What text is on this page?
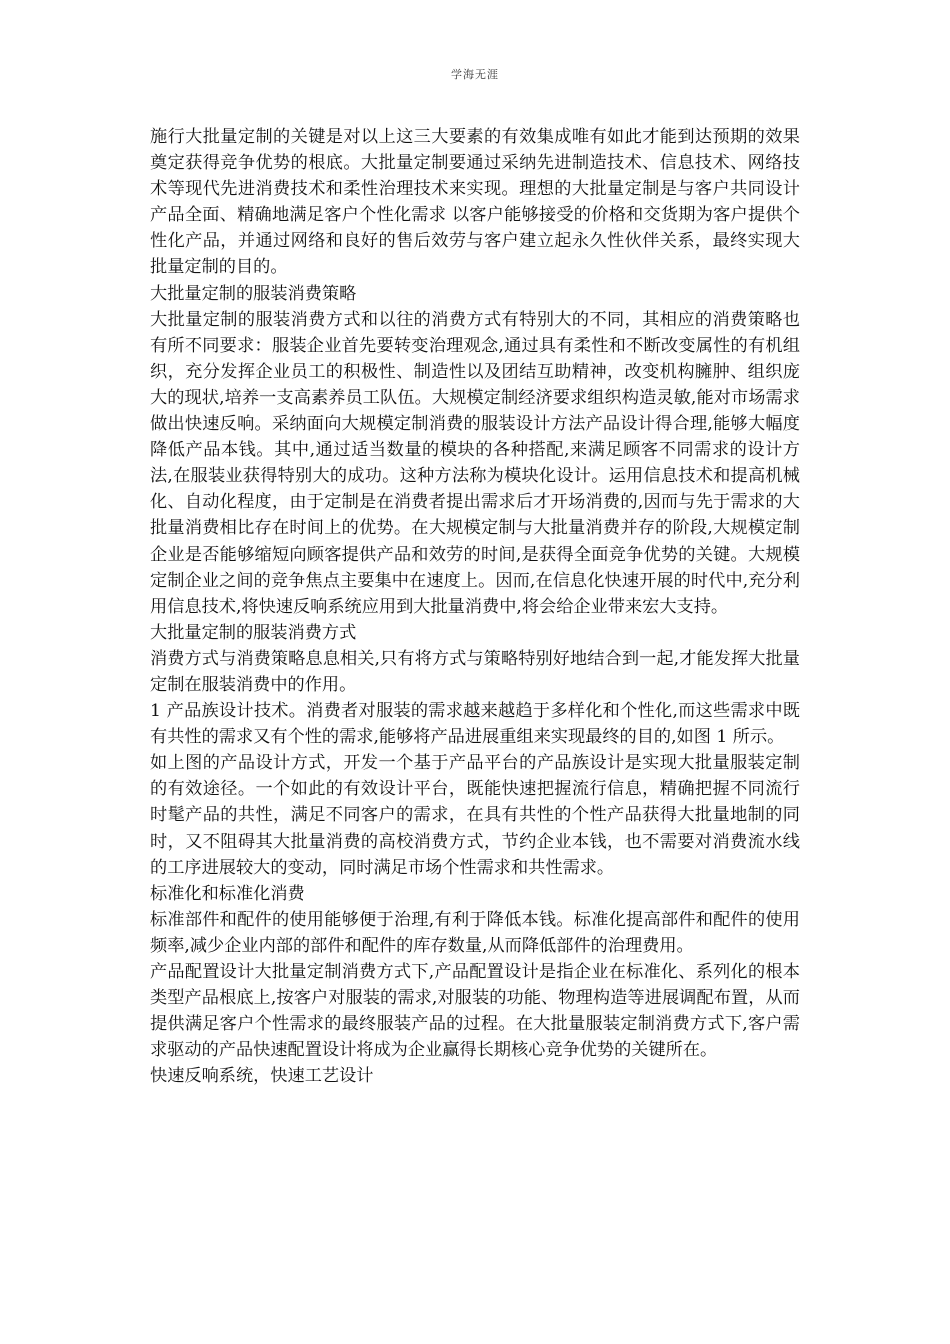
学海无涯

施行大批量定制的关键是对以上这三大要素的有效集成唯有如此才能到达预期的效果奠定获得竞争优势的根底。大批量定制要通过采纳先进制造技术、信息技术、网络技术等现代先进消费技术和柔性治理技术来实现。理想的大批量定制是与客户共同设计产品全面、精确地满足客户个性化需求 以客户能够接受的价格和交货期为客户提供个性化产品，并通过网络和良好的售后效劳与客户建立起永久性伙伴关系，最终实现大批量定制的目的。

大批量定制的服装消费策略

大批量定制的服装消费方式和以往的消费方式有特别大的不同，其相应的消费策略也有所不同要求：服装企业首先要转变治理观念,通过具有柔性和不断改变属性的有机组织，充分发挥企业员工的积极性、制造性以及团结互助精神，改变机构臃肿、组织庞大的现状,培养一支高素养员工队伍。大规模定制经济要求组织构造灵敏,能对市场需求做出快速反响。采纳面向大规模定制消费的服装设计方法产品设计得合理,能够大幅度降低产品本钱。其中,通过适当数量的模块的各种搭配,来满足顾客不同需求的设计方法,在服装业获得特别大的成功。这种方法称为模块化设计。运用信息技术和提高机械化、自动化程度，由于定制是在消费者提出需求后才开场消费的,因而与先于需求的大批量消费相比存在时间上的优势。在大规模定制与大批量消费并存的阶段,大规模定制企业是否能够缩短向顾客提供产品和效劳的时间,是获得全面竞争优势的关键。大规模定制企业之间的竞争焦点主要集中在速度上。因而,在信息化快速开展的时代中,充分利用信息技术,将快速反响系统应用到大批量消费中,将会给企业带来宏大支持。

大批量定制的服装消费方式

消费方式与消费策略息息相关,只有将方式与策略特别好地结合到一起,才能发挥大批量定制在服装消费中的作用。

1 产品族设计技术。消费者对服装的需求越来越趋于多样化和个性化,而这些需求中既有共性的需求又有个性的需求,能够将产品进展重组来实现最终的目的,如图 1 所示。

如上图的产品设计方式，开发一个基于产品平台的产品族设计是实现大批量服装定制的有效途径。一个如此的有效设计平台，既能快速把握流行信息，精确把握不同流行时髦产品的共性，满足不同客户的需求，在具有共性的个性产品获得大批量地制的同时，又不阻碍其大批量消费的高校消费方式，节约企业本钱，也不需要对消费流水线的工序进展较大的变动，同时满足市场个性需求和共性需求。

标准化和标准化消费

标准部件和配件的使用能够便于治理,有利于降低本钱。标准化提高部件和配件的使用频率,减少企业内部的部件和配件的库存数量,从而降低部件的治理费用。

产品配置设计大批量定制消费方式下,产品配置设计是指企业在标准化、系列化的根本类型产品根底上,按客户对服装的需求,对服装的功能、物理构造等进展调配布置，从而提供满足客户个性需求的最终服装产品的过程。在大批量服装定制消费方式下,客户需求驱动的产品快速配置设计将成为企业赢得长期核心竞争优势的关键所在。

快速反响系统，快速工艺设计
